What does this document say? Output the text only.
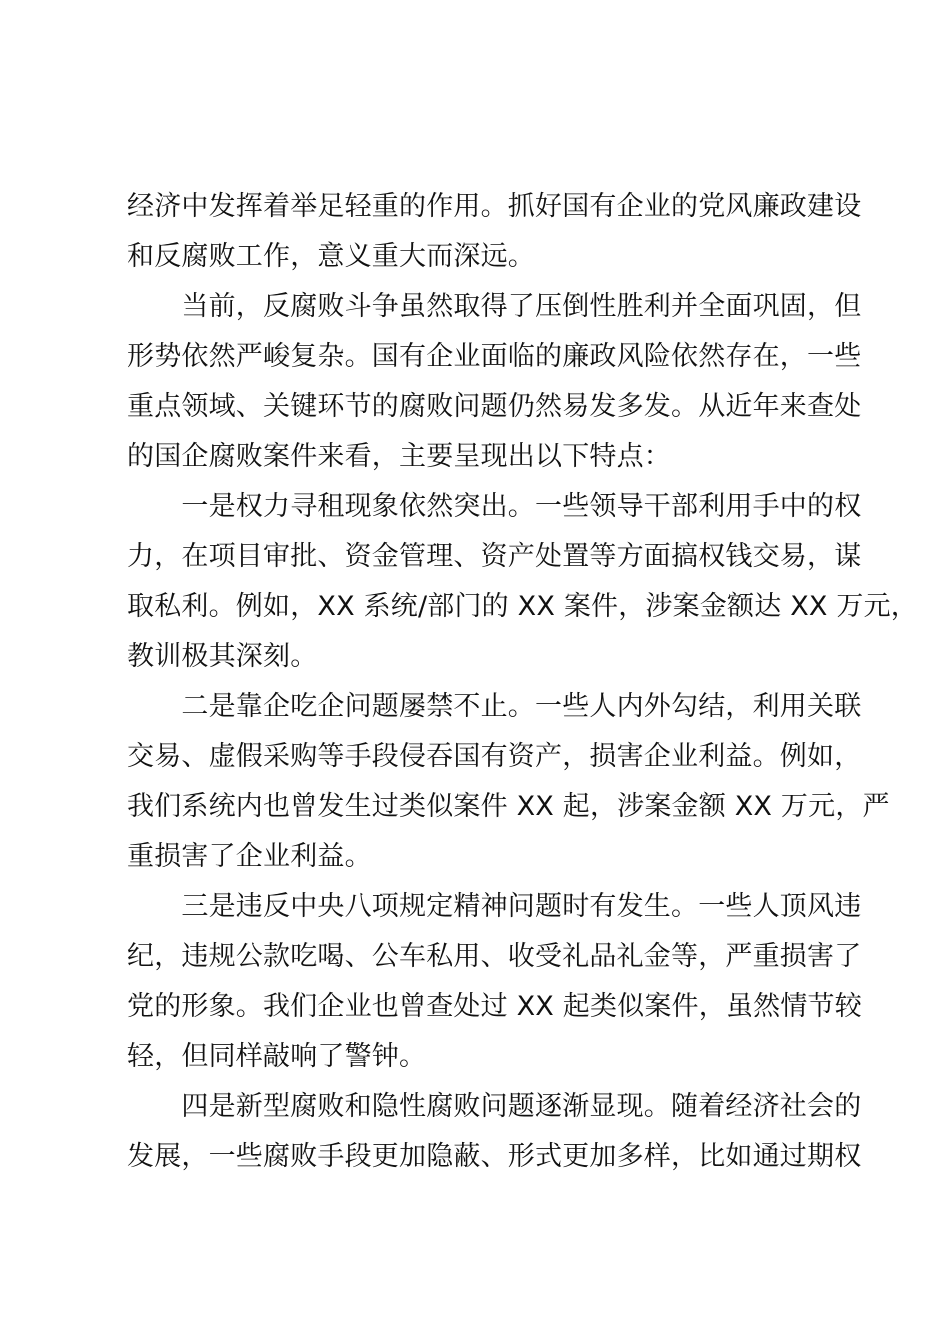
经济中发挥着举足轻重的作用。抓好国有企业的党风廉政建设
和反腐败工作，意义重大而深远。

　　当前，反腐败斗争虽然取得了压倒性胜利并全面巩固，但
形势依然严峻复杂。国有企业面临的廉政风险依然存在，一些
重点领域、关键环节的腐败问题仍然易发多发。从近年来查处
的国企腐败案件来看，主要呈现出以下特点：

　　一是权力寻租现象依然突出。一些领导干部利用手中的权
力，在项目审批、资金管理、资产处置等方面搞权钱交易，谋
取私利。例如，XX 系统/部门的 XX 案件，涉案金额达 XX 万元，
教训极其深刻。

　　二是靠企吃企问题屡禁不止。一些人内外勾结，利用关联
交易、虚假采购等手段侵吞国有资产，损害企业利益。例如，
我们系统内也曾发生过类似案件 XX 起，涉案金额 XX 万元，严
重损害了企业利益。

　　三是违反中央八项规定精神问题时有发生。一些人顶风违
纪，违规公款吃喝、公车私用、收受礼品礼金等，严重损害了
党的形象。我们企业也曾查处过 XX 起类似案件，虽然情节较
轻，但同样敲响了警钟。

　　四是新型腐败和隐性腐败问题逐渐显现。随着经济社会的
发展，一些腐败手段更加隐蔽、形式更加多样，比如通过期权
